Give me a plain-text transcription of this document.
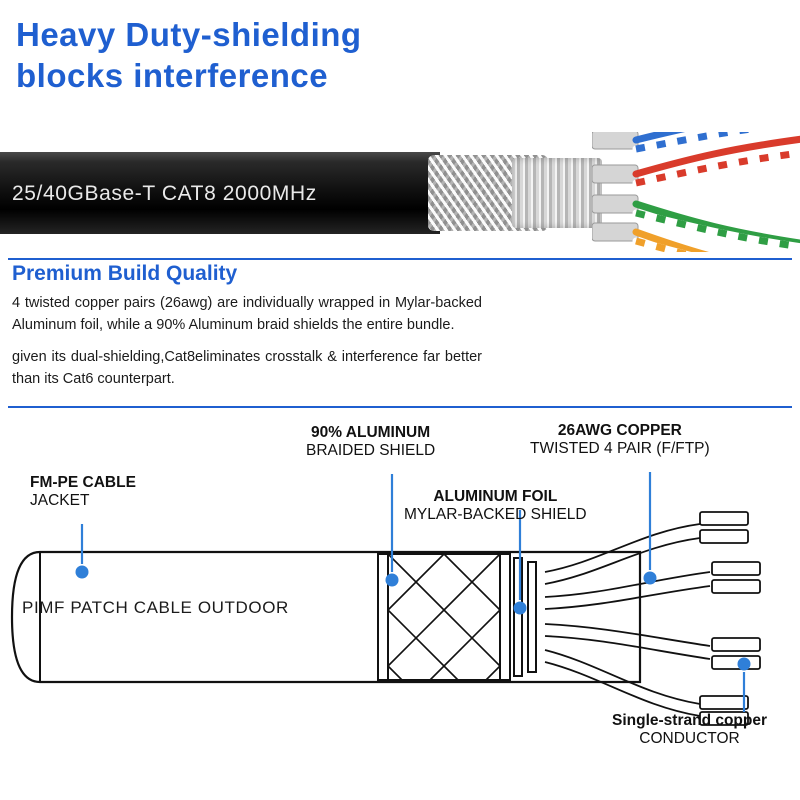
Heavy Duty-shielding
blocks interference
25/40GBase-T CAT8 2000MHz
Premium Build Quality

4 twisted copper pairs (26awg) are individually wrapped in Mylar-backed Aluminum foil, while a 90% Aluminum braid shields the entire bundle.

given its dual-shielding,Cat8eliminates crosstalk & interference far better than its Cat6 counterpart.

PIMF PATCH CABLE OUTDOOR
FM-PE CABLE
JACKET
90% ALUMINUM
BRAIDED SHIELD
ALUMINUM FOIL
MYLAR-BACKED SHIELD
26AWG COPPER
TWISTED 4 PAIR (F/FTP)
Single-strand copper
CONDUCTOR
